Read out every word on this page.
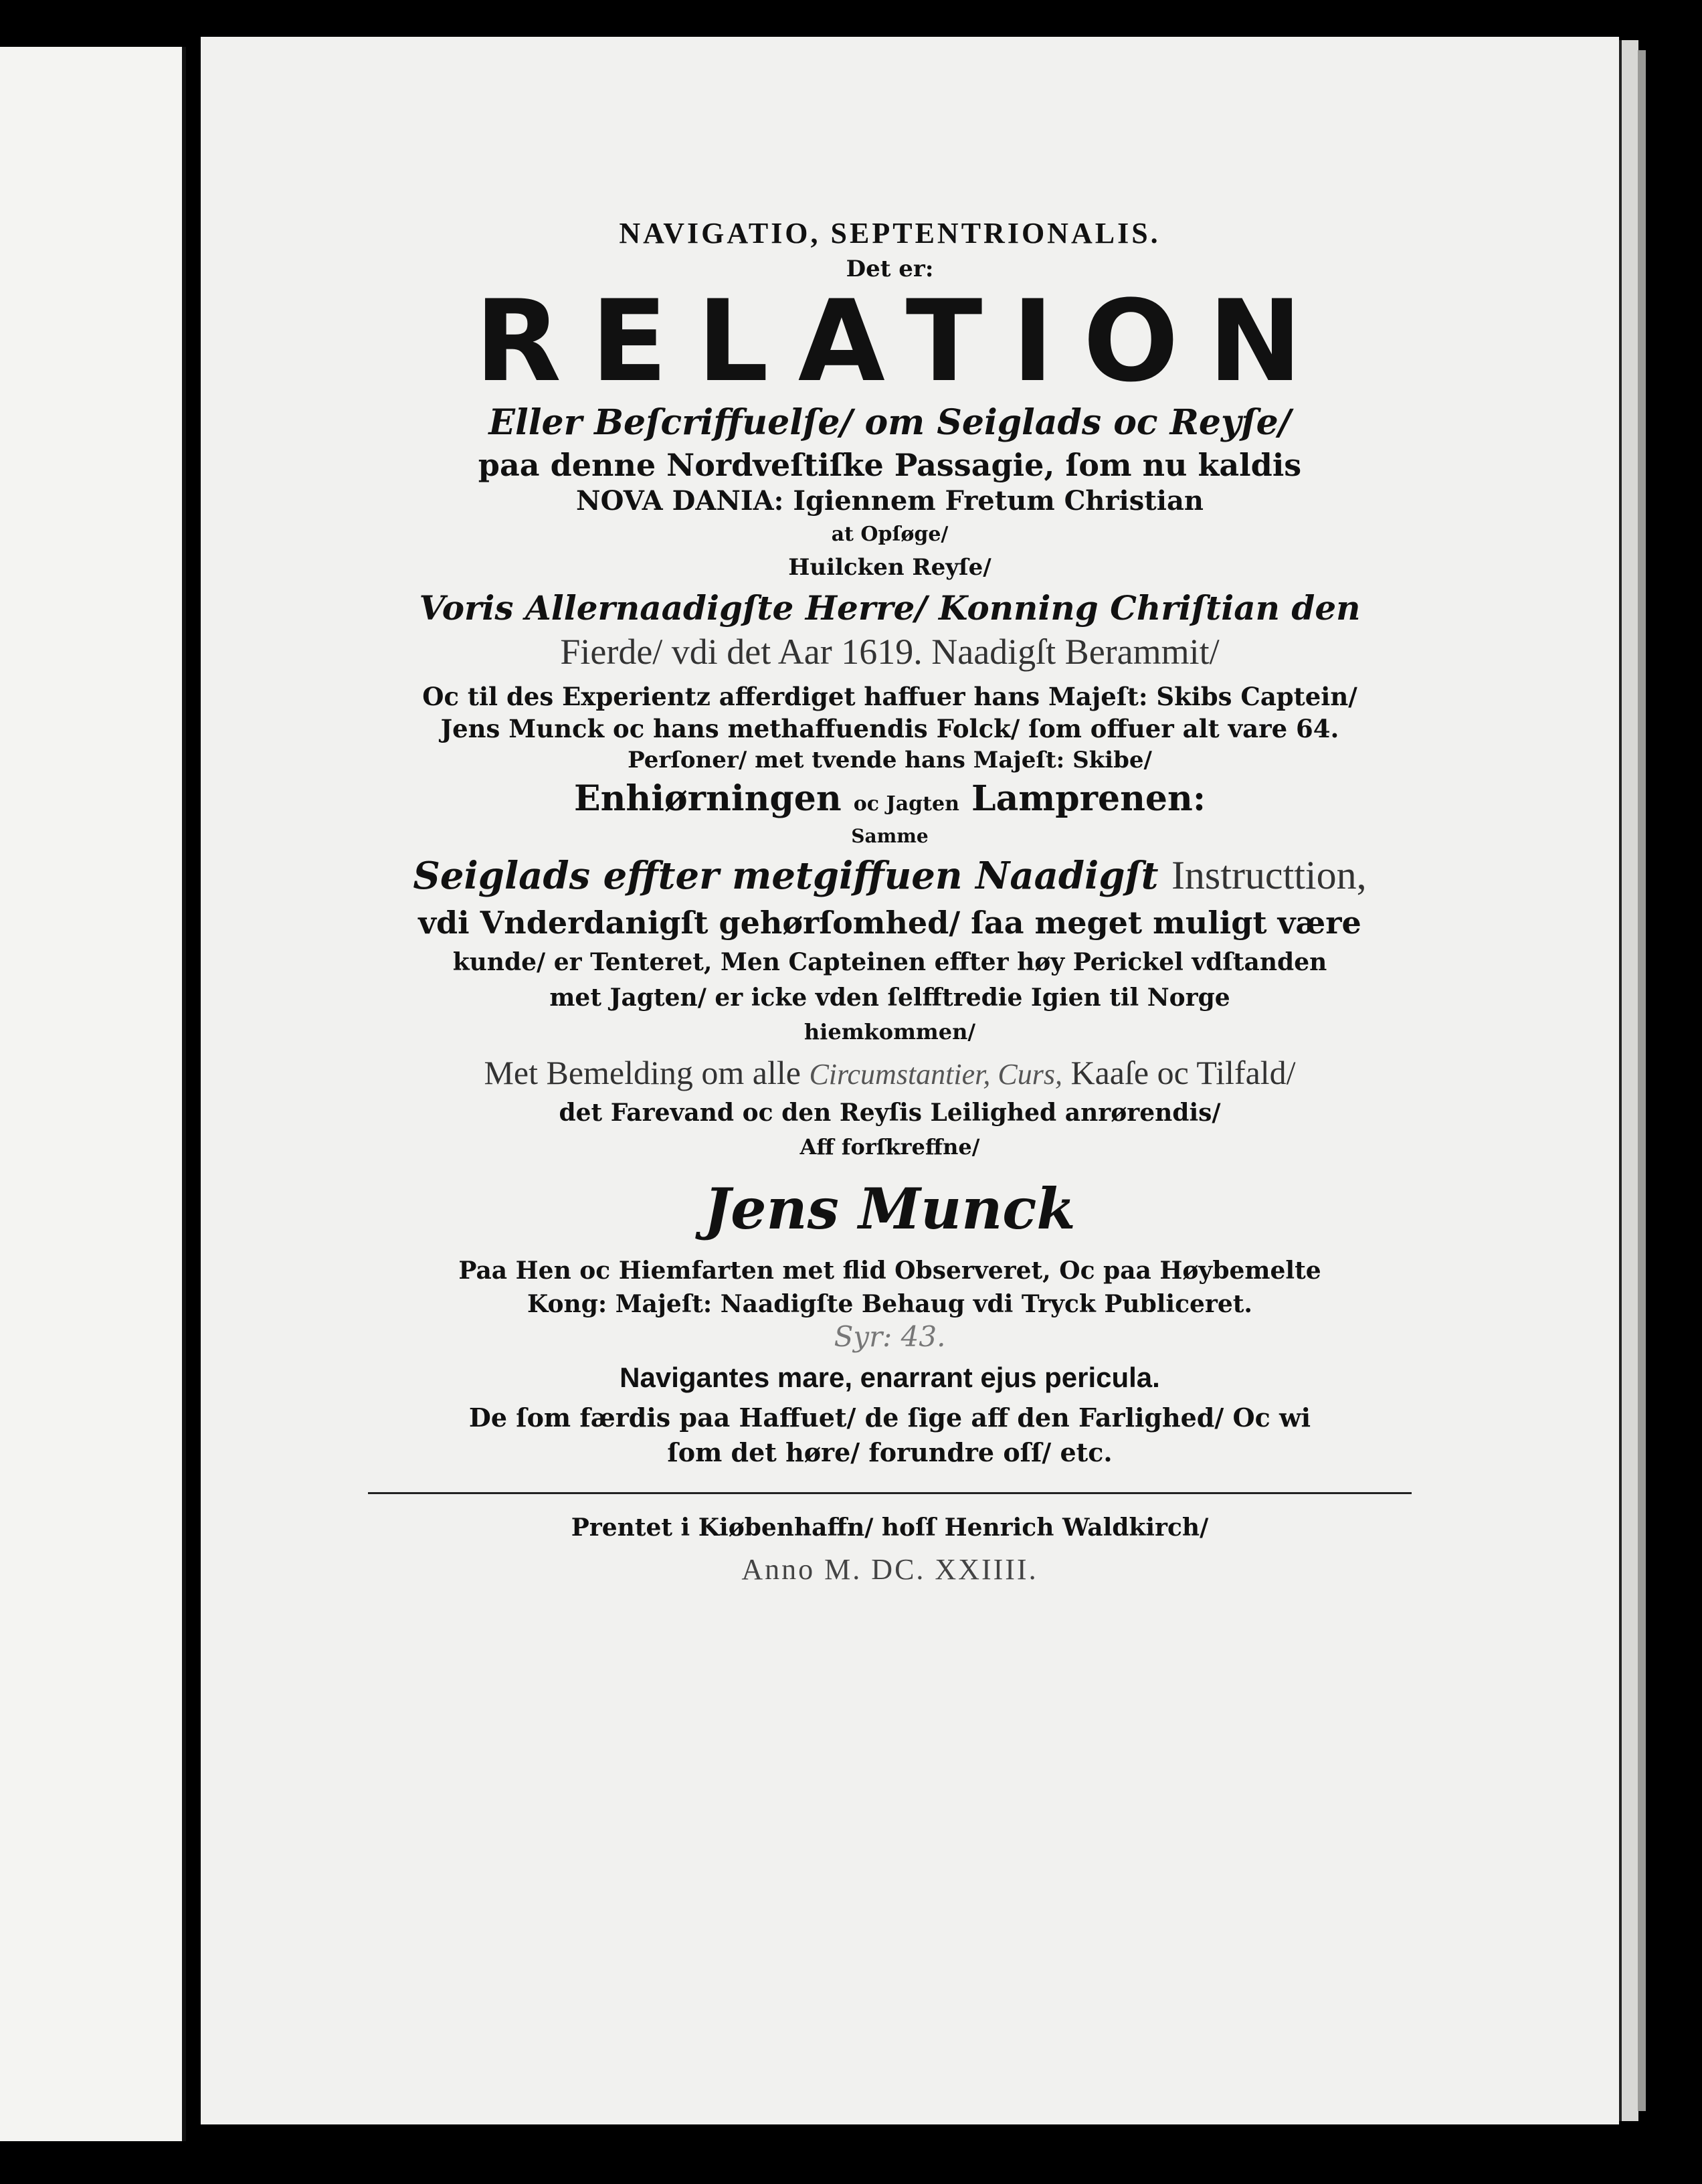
NAVIGATIO, SEPTENTRIONALIS.
Det er:
RELATION
Eller Beſcriffuelſe/ om Seiglads oc Reyſe/
paa denne Nordveſtiſke Passagie, ſom nu kaldis
NOVA DANIA: Igiennem Fretum Christian
at Opſøge/
Huilcken Reyſe/
Voris Allernaadigſte Herre/ Konning Chriſtian den
Fierde/ vdi det Aar 1619. Naadigſt Berammit/
Oc til des Experientz afferdiget haffuer hans Majeſt: Skibs Captein/
Jens Munck oc hans methaffuendis Folck/ ſom offuer alt vare 64.
Perſoner/ met tvende hans Majeſt: Skibe/
Enhiørningen oc Jagten Lamprenen:
Samme
Seiglads effter metgiffuen Naadigſt Instructtion,
vdi Vnderdanigſt gehørſomhed/ ſaa meget muligt være
kunde/ er Tenteret, Men Capteinen effter høy Perickel vdſtanden
met Jagten/ er icke vden ſelfftredie Igien til Norge
hiemkommen/
Met Bemelding om alle Circumstantier, Curs, Kaaſe oc Tilfald/
det Farevand oc den Reyſis Leilighed anrørendis/
Aff forſkreffne/
Jens Munck
Paa Hen oc Hiemfarten met flid Observeret, Oc paa Høybemelte
Kong: Majeſt: Naadigſte Behaug vdi Tryck Publiceret.
Syr: 43.
Navigantes mare, enarrant ejus pericula.
De ſom færdis paa Haffuet/ de ſige aff den Farlighed/ Oc wi
ſom det høre/ forundre oſſ/ etc.
Prentet i Kiøbenhaffn/ hoſſ Henrich Waldkirch/
Anno M. DC. XXIIII.
